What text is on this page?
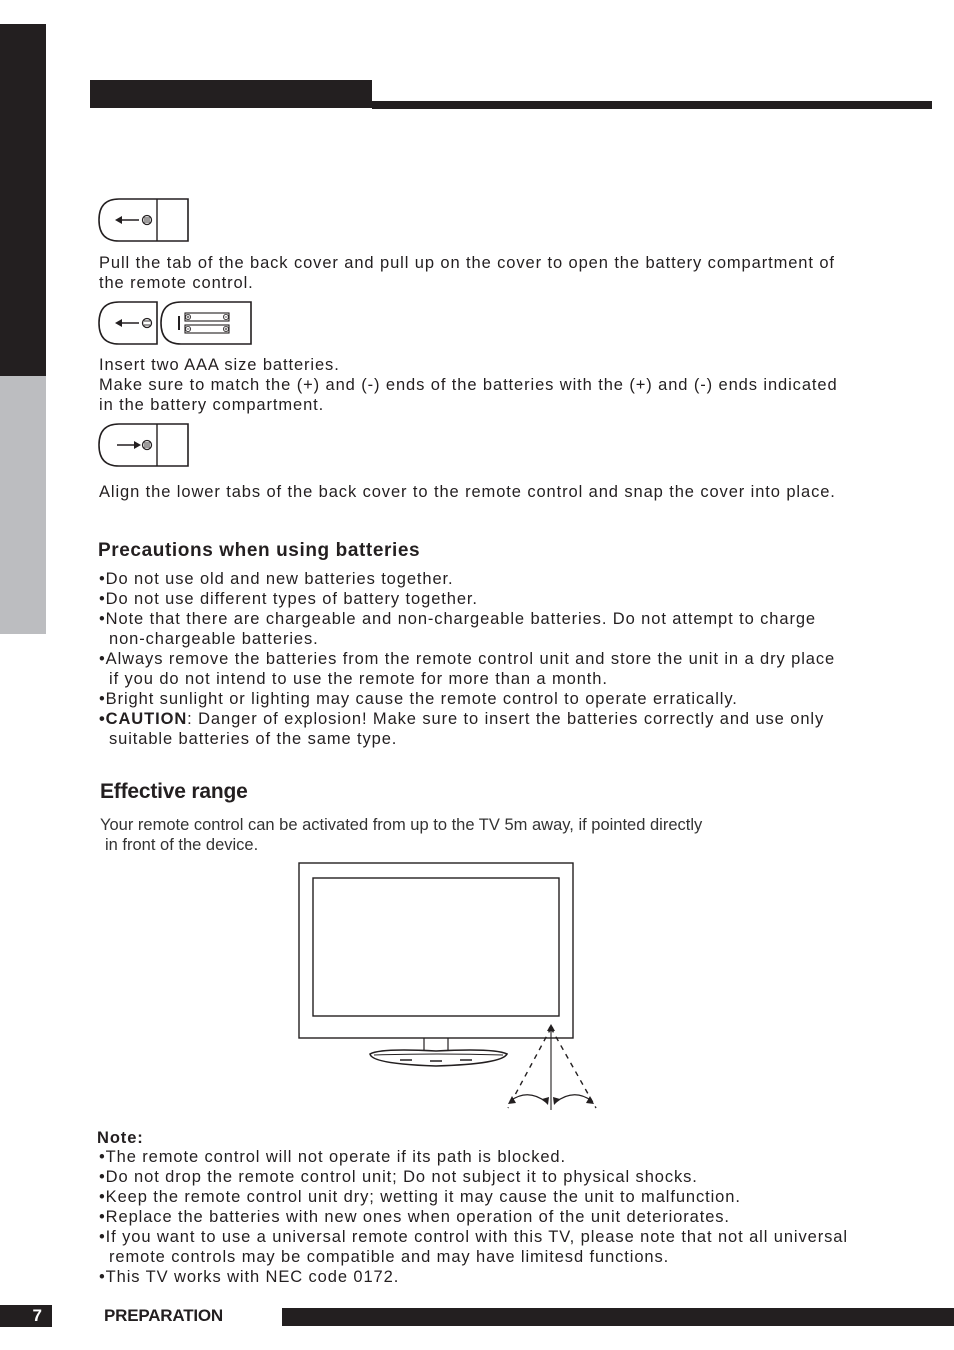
Pull the tab of the back cover and pull up on the cover to open the battery compartment of
the remote control.
Insert two AAA size batteries.
Make sure to match the (+) and (-) ends of the batteries with the (+) and (-) ends indicated
in the battery compartment.
Align the lower tabs of the back cover to the remote control and snap the cover into place.
Precautions when using batteries
•Do not use old and new batteries together.
•Do not use different types of battery together.
•Note that there are chargeable and non-chargeable batteries. Do not attempt to charge
non-chargeable batteries.
•Always remove the batteries from the remote control unit and store the unit in a dry place
if you do not intend to use the remote for more than a month.
•Bright sunlight or lighting may cause the remote control to operate erratically.
•CAUTION: Danger of explosion! Make sure to insert the batteries correctly and use only
suitable batteries of the same type.
Effective range
Your remote control can be activated from up to the TV 5m away, if pointed directly
in front of the device.
Note:
•The remote control will not operate if its path is blocked.
•Do not drop the remote control unit; Do not subject it to physical shocks.
•Keep the remote control unit dry; wetting it may cause the unit to malfunction.
•Replace the batteries with new ones when operation of the unit deteriorates.
•If you want to use a universal remote control with this TV, please note that not all universal
remote controls may be compatible and may have limitesd functions.
•This TV works with NEC code 0172.
7	PREPARATION
